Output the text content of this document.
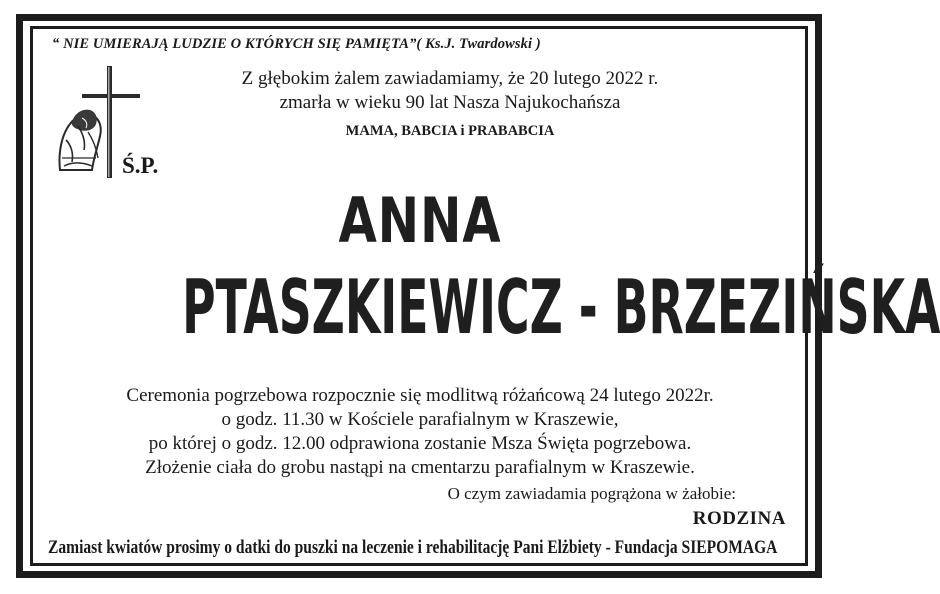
“ NIE UMIERAJĄ LUDZIE O KTÓRYCH SIĘ PAMIĘTA”( Ks.J. Twardowski )
Ś.P.
Z głębokim żalem zawiadamiamy, że 20 lutego 2022 r.
zmarła w wieku 90 lat Nasza Najukochańsza
MAMA, BABCIA i PRABABCIA
ANNA
PTASZKIEWICZ - BRZEZIŃSKA
Ceremonia pogrzebowa rozpocznie się modlitwą różańcową 24 lutego 2022r.
o godz. 11.30 w Kościele parafialnym w Kraszewie,
po której o godz. 12.00 odprawiona zostanie Msza Święta pogrzebowa.
Złożenie ciała do grobu nastąpi na cmentarzu parafialnym w Kraszewie.
O czym zawiadamia pogrążona w żałobie:
RODZINA
Zamiast kwiatów prosimy o datki do puszki na leczenie i rehabilitację Pani Elżbiety - Fundacja SIEPOMAGA
